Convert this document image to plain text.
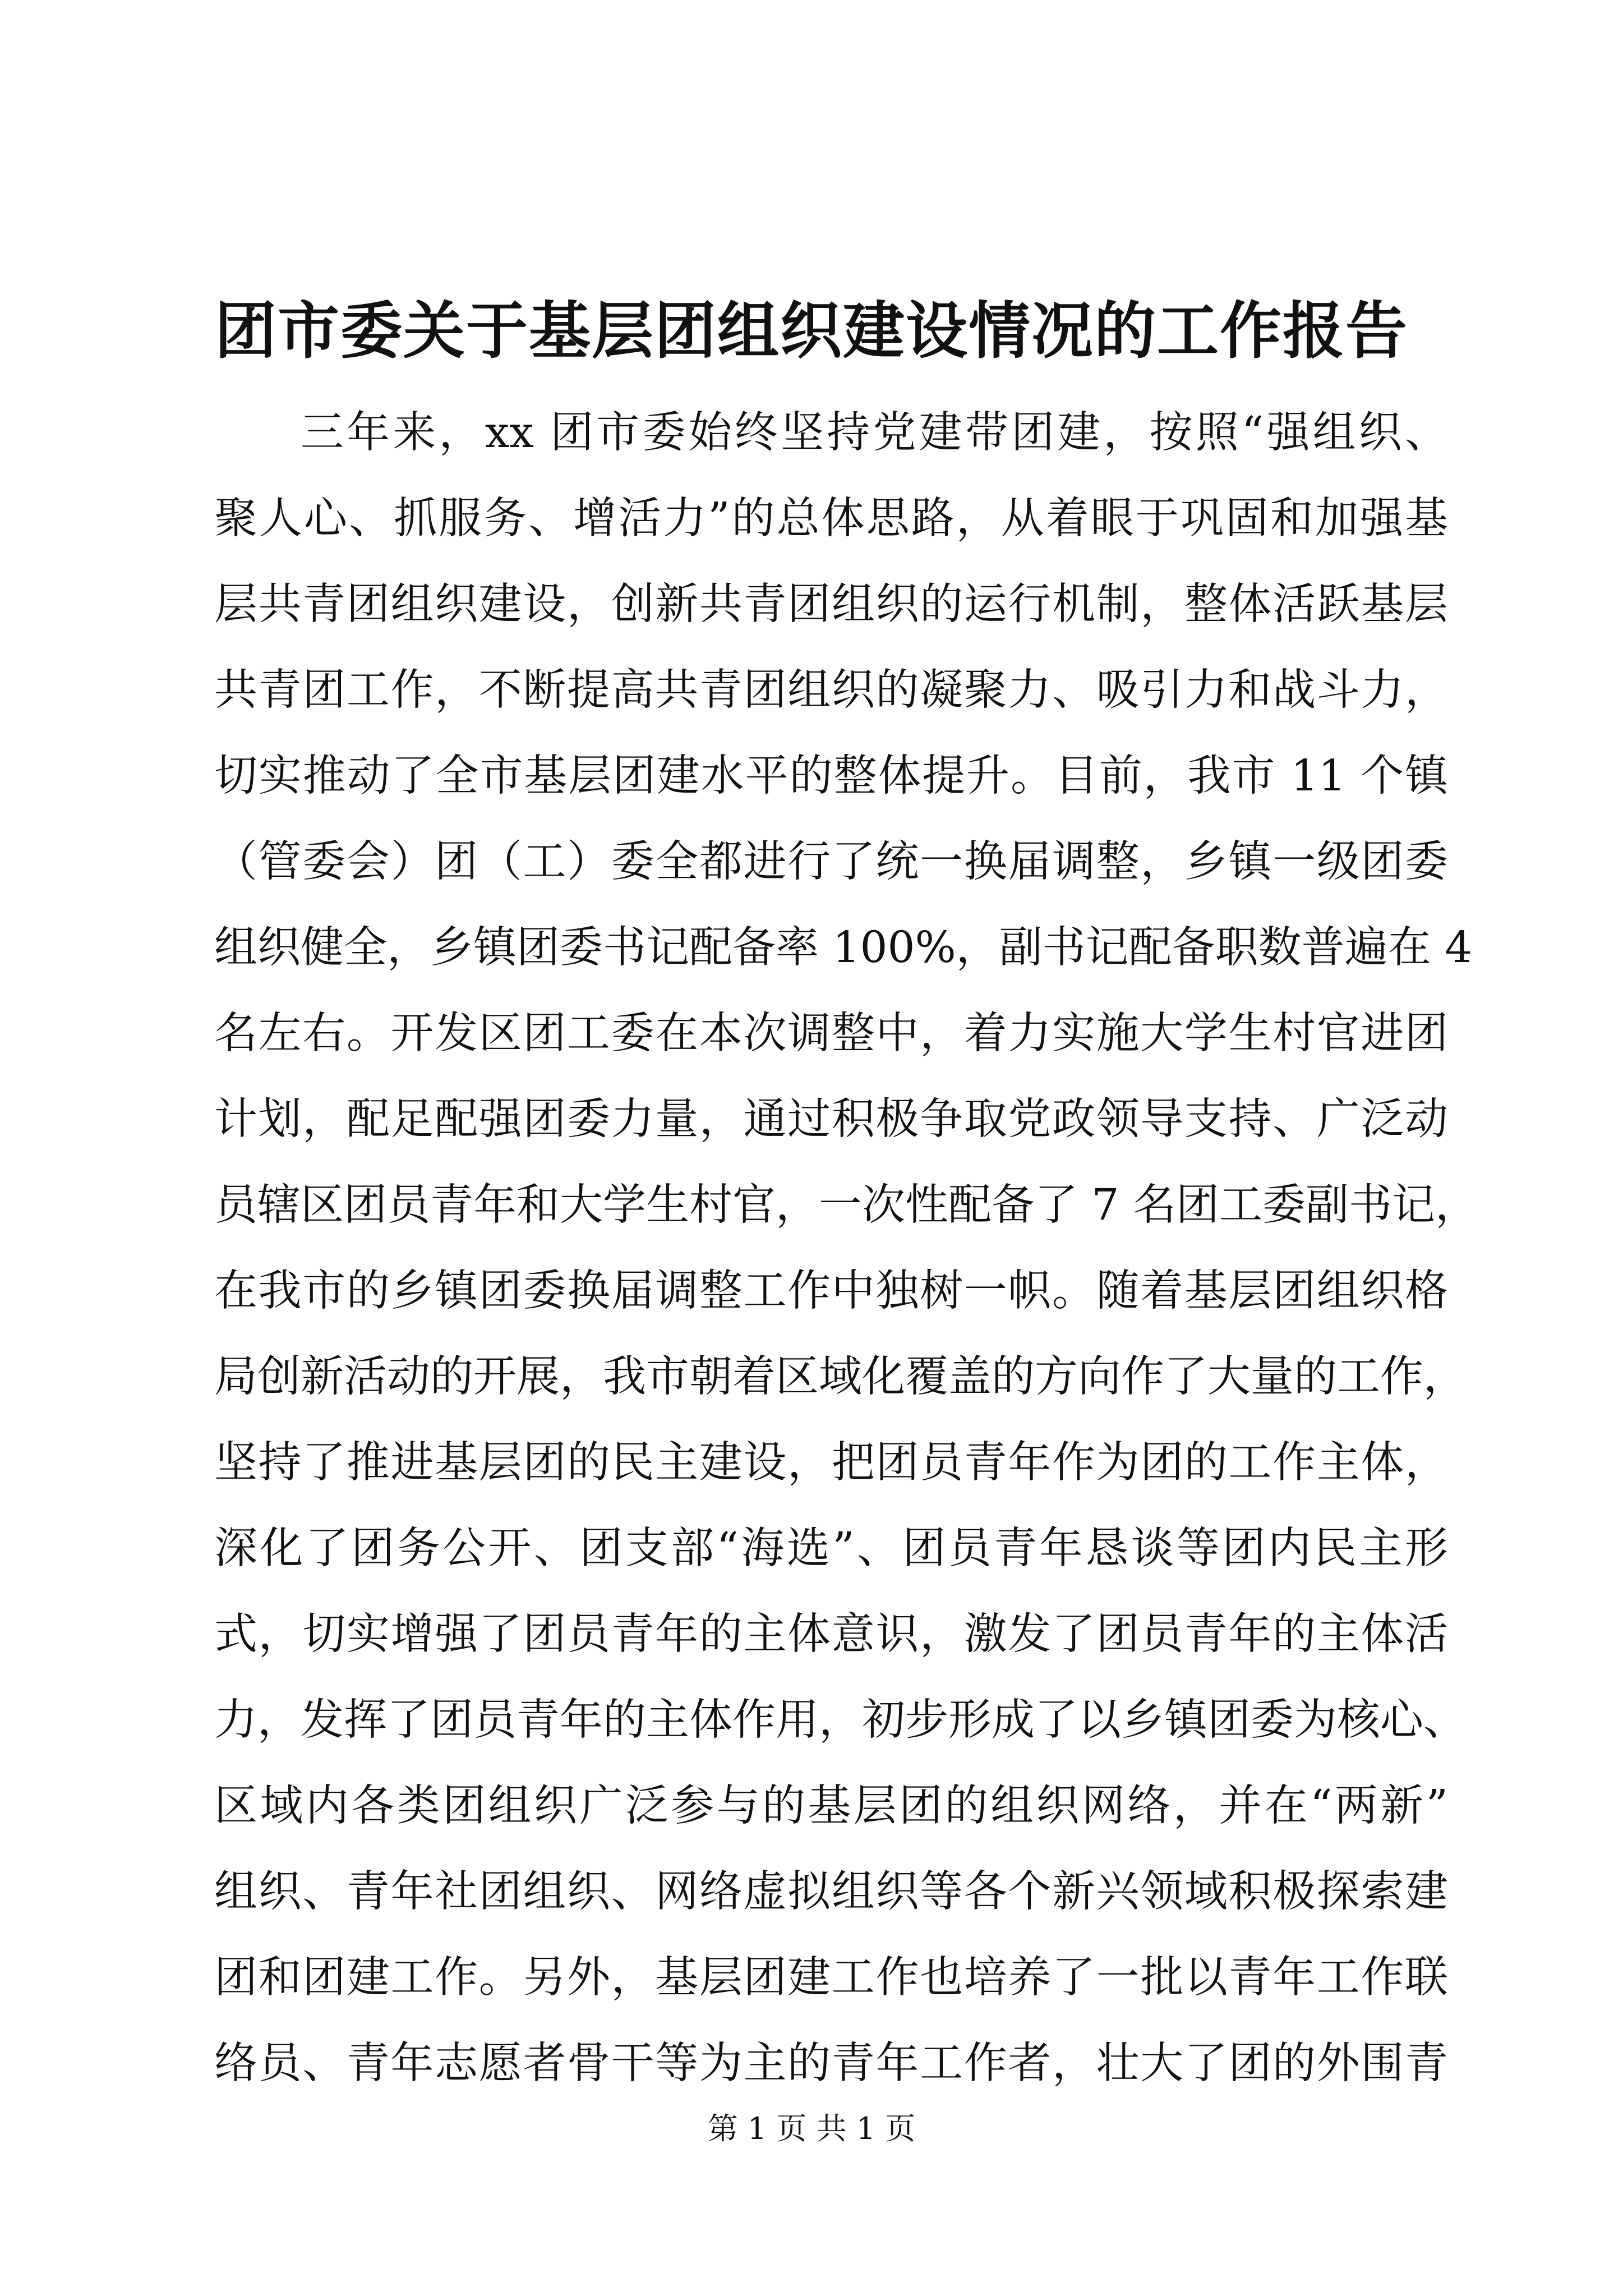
团市委关于基层团组织建设情况的工作报告
三年来，xx 团市委始终坚持党建带团建，按照“强组织、
聚人心、抓服务、增活力”的总体思路，从着眼于巩固和加强基
层共青团组织建设，创新共青团组织的运行机制，整体活跃基层
共青团工作，不断提高共青团组织的凝聚力、吸引力和战斗力，
切实推动了全市基层团建水平的整体提升。目前，我市 11 个镇
（管委会）团（工）委全都进行了统一换届调整，乡镇一级团委
组织健全，乡镇团委书记配备率 100%，副书记配备职数普遍在 4
名左右。开发区团工委在本次调整中，着力实施大学生村官进团
计划，配足配强团委力量，通过积极争取党政领导支持、广泛动
员辖区团员青年和大学生村官，一次性配备了 7 名团工委副书记，
在我市的乡镇团委换届调整工作中独树一帜。随着基层团组织格
局创新活动的开展，我市朝着区域化覆盖的方向作了大量的工作，
坚持了推进基层团的民主建设，把团员青年作为团的工作主体，
深化了团务公开、团支部“海选”、团员青年恳谈等团内民主形
式，切实增强了团员青年的主体意识，激发了团员青年的主体活
力，发挥了团员青年的主体作用，初步形成了以乡镇团委为核心、
区域内各类团组织广泛参与的基层团的组织网络，并在“两新”
组织、青年社团组织、网络虚拟组织等各个新兴领域积极探索建
团和团建工作。另外，基层团建工作也培养了一批以青年工作联
络员、青年志愿者骨干等为主的青年工作者，壮大了团的外围青
第 1 页 共 1 页
